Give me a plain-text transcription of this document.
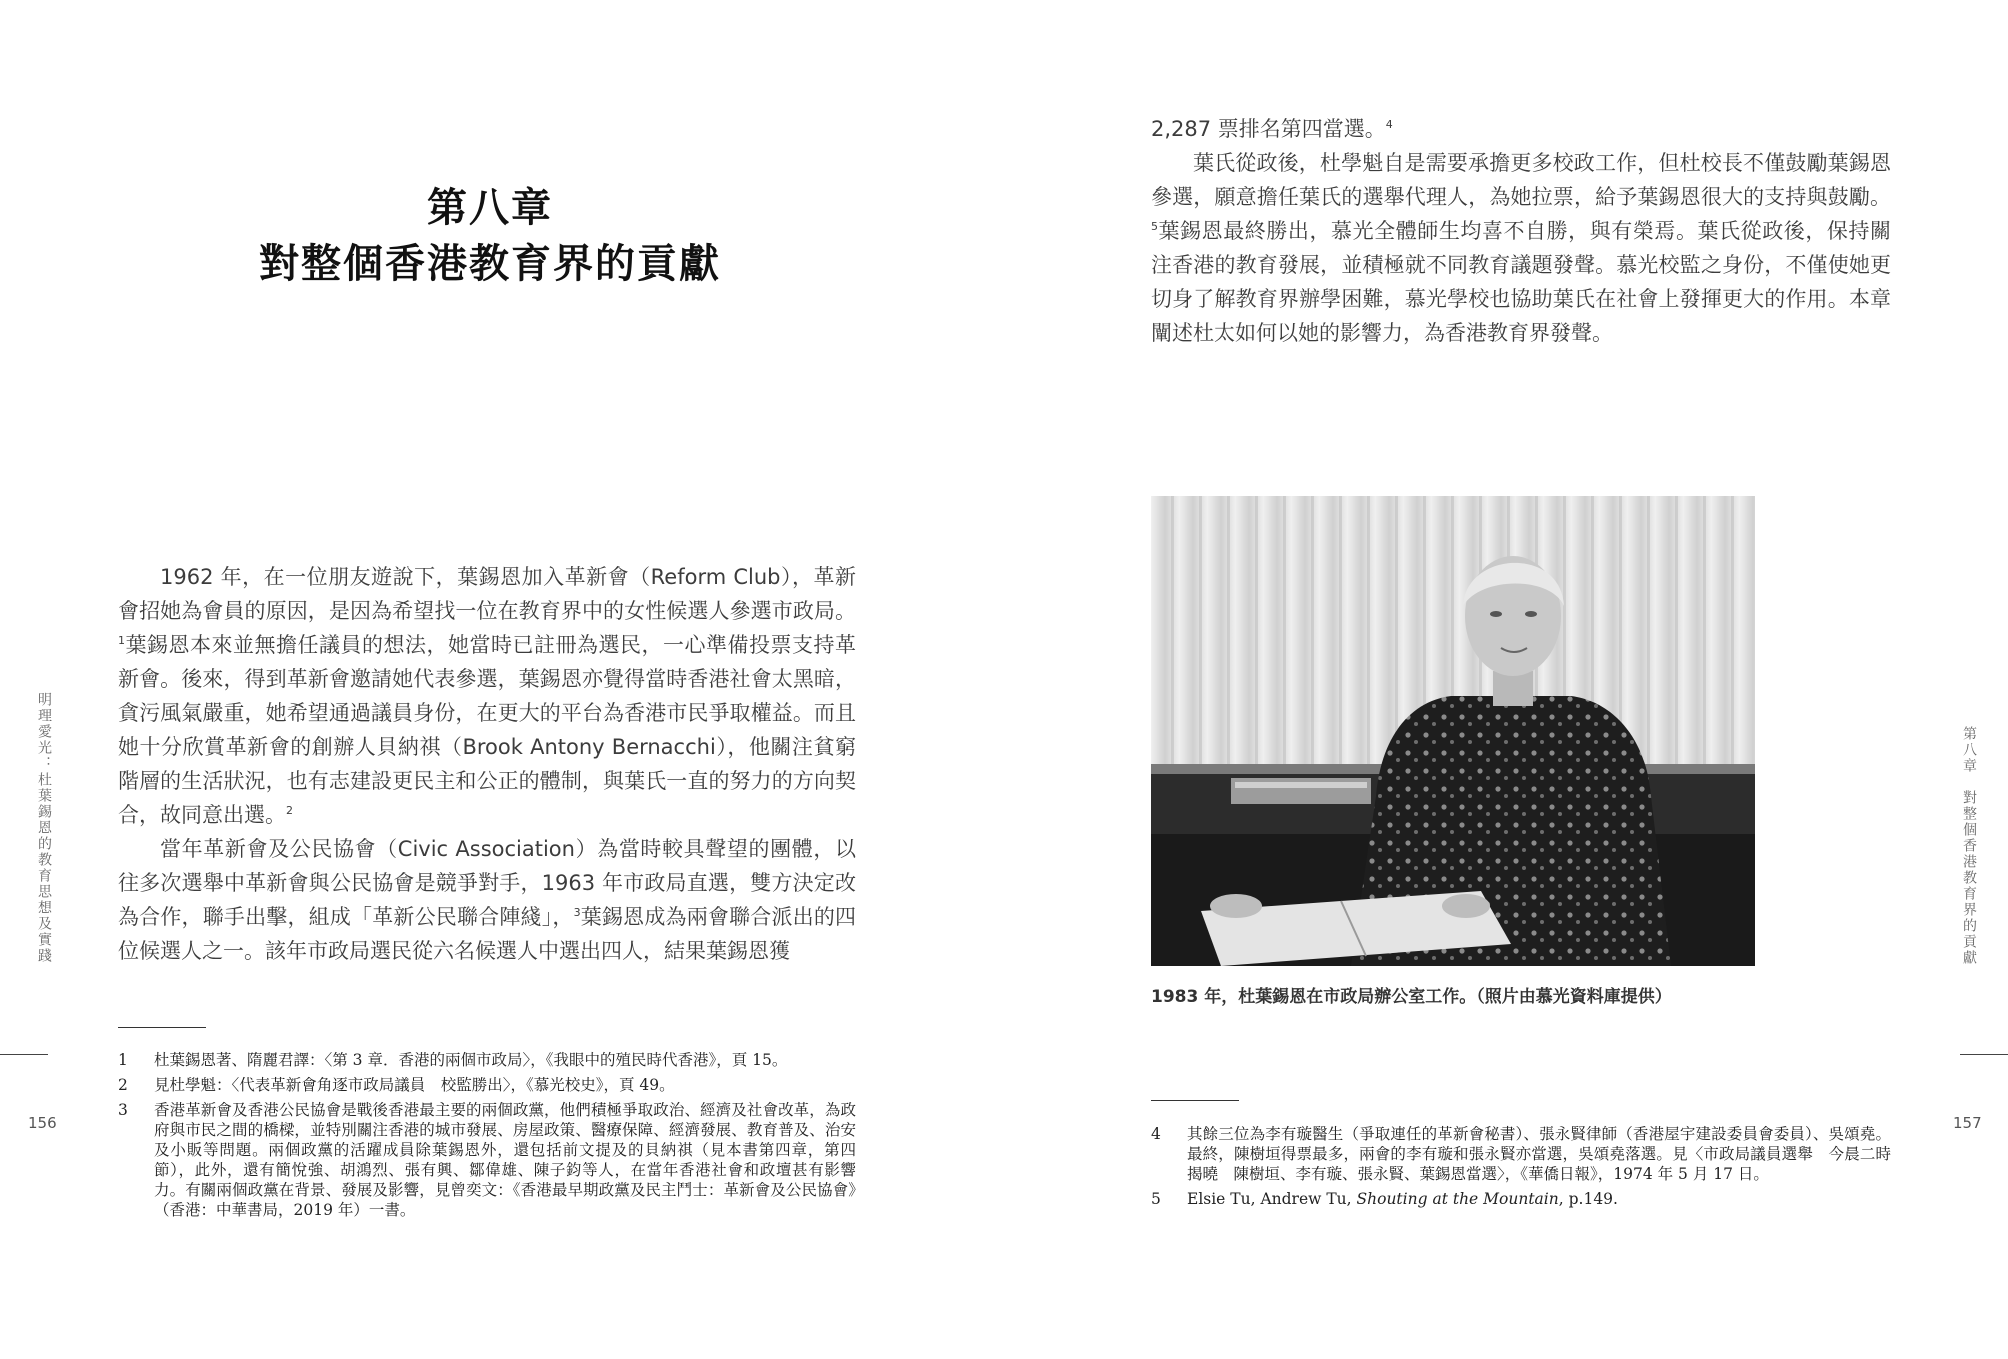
第八章
對整個香港教育界的貢獻

1962 年，在一位朋友遊說下，葉錫恩加入革新會（Reform Club），革新會招她為會員的原因，是因為希望找一位在教育界中的女性候選人參選市政局。$^1$葉錫恩本來並無擔任議員的想法，她當時已註冊為選民，一心準備投票支持革新會。後來，得到革新會邀請她代表參選，葉錫恩亦覺得當時香港社會太黑暗，貪污風氣嚴重，她希望通過議員身份，在更大的平台為香港市民爭取權益。而且她十分欣賞革新會的創辦人貝納祺（Brook Antony Bernacchi），他關注貧窮階層的生活狀況，也有志建設更民主和公正的體制，與葉氏一直的努力的方向契合，故同意出選。$^2$

當年革新會及公民協會（Civic Association）為當時較具聲望的團體，以往多次選舉中革新會與公民協會是競爭對手，1963 年市政局直選，雙方決定改為合作，聯手出擊，組成「革新公民聯合陣綫」，$^3$葉錫恩成為兩會聯合派出的四位候選人之一。該年市政局選民從六名候選人中選出四人，結果葉錫恩獲

1	杜葉錫恩著、隋麗君譯：〈第 3 章．香港的兩個市政局〉，《我眼中的殖民時代香港》，頁 15。
2	見杜學魁：〈代表革新會角逐市政局議員　校監勝出〉，《慕光校史》，頁 49。
3	香港革新會及香港公民協會是戰後香港最主要的兩個政黨，他們積極爭取政治、經濟及社會改革，為政府與市民之間的橋樑，並特別關注香港的城市發展、房屋政策、醫療保障、經濟發展、教育普及、治安及小販等問題。兩個政黨的活躍成員除葉錫恩外，還包括前文提及的貝納祺（見本書第四章，第四節），此外，還有簡悅強、胡鴻烈、張有興、鄒偉雄、陳子鈞等人，在當年香港社會和政壇甚有影響力。有關兩個政黨在背景、發展及影響，見曾奕文：《香港最早期政黨及民主鬥士：革新會及公民協會》（香港：中華書局，2019 年）一書。
明理愛光：杜葉錫恩的教育思想及實踐
156

2,287 票排名第四當選。$^4$

葉氏從政後，杜學魁自是需要承擔更多校政工作，但杜校長不僅鼓勵葉錫恩參選，願意擔任葉氏的選舉代理人，為她拉票，給予葉錫恩很大的支持與鼓勵。$^5$葉錫恩最終勝出，慕光全體師生均喜不自勝，與有榮焉。葉氏從政後，保持關注香港的教育發展，並積極就不同教育議題發聲。慕光校監之身份，不僅使她更切身了解教育界辦學困難，慕光學校也協助葉氏在社會上發揮更大的作用。本章闡述杜太如何以她的影響力，為香港教育界發聲。

1983 年，杜葉錫恩在市政局辦公室工作。（照片由慕光資料庫提供）
4	其餘三位為李有璇醫生（爭取連任的革新會秘書）、張永賢律師（香港屋宇建設委員會委員）、吳頌堯。最終，陳樹垣得票最多，兩會的李有璇和張永賢亦當選，吳頌堯落選。見〈市政局議員選舉　今晨二時揭曉　陳樹垣、李有璇、張永賢、葉錫恩當選〉，《華僑日報》，1974 年 5 月 17 日。
5	Elsie Tu, Andrew Tu, Shouting at the Mountain, p.149.
第八章　對整個香港教育界的貢獻
157
